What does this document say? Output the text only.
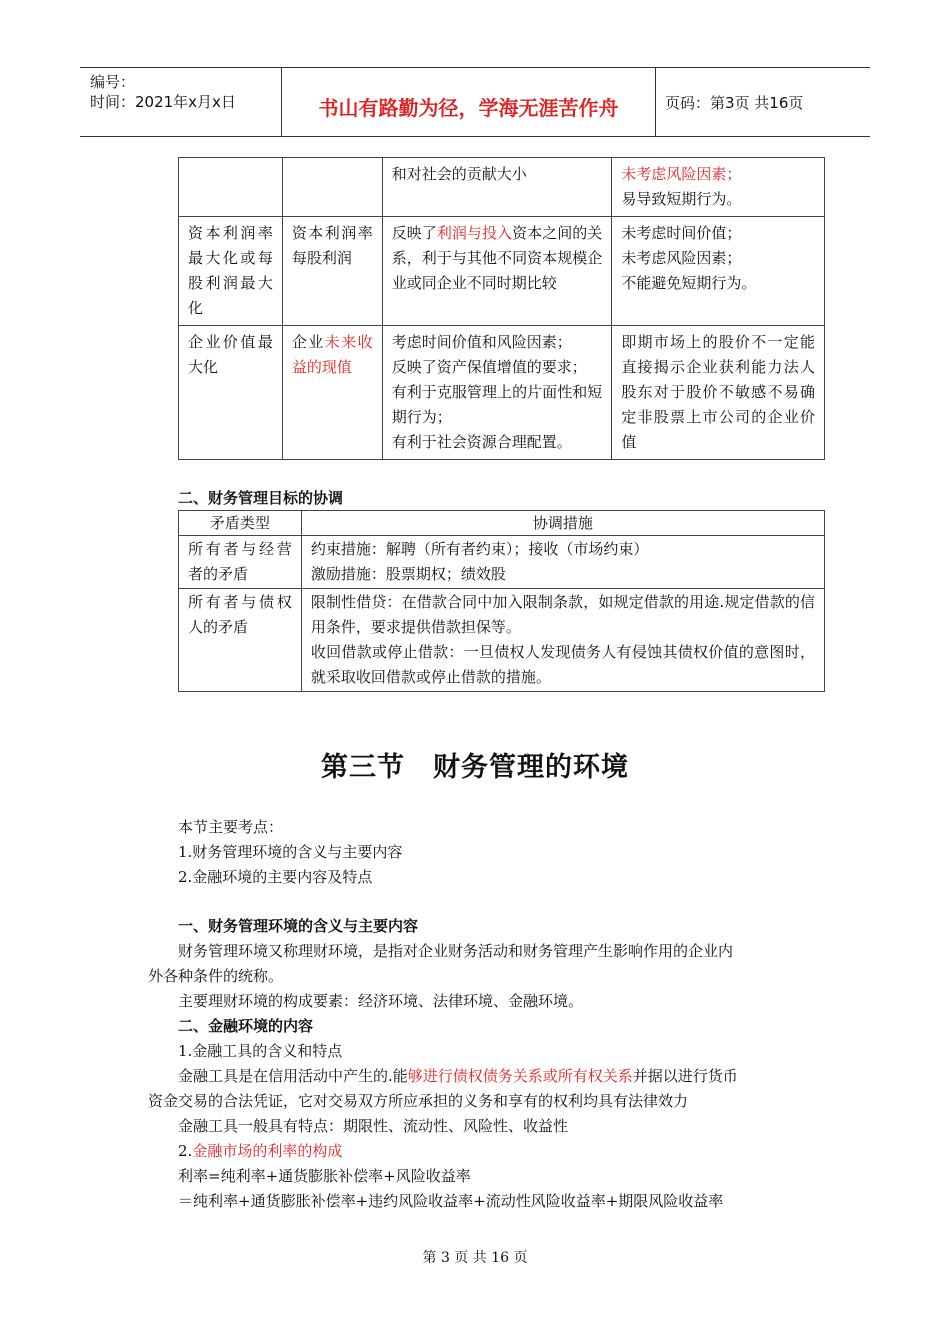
编号：
时间：2021年x月x日	书山有路勤为径，学海无涯苦作舟	页码：第3页 共16页
		和对社会的贡献大小	未考虑风险因素；
易导致短期行为。

资本利润率最大化或每股利润最大化	资本利润率每股利润	反映了利润与投入资本之间的关系，利于与其他不同资本规模企业或同企业不同时期比较	未考虑时间价值；
未考虑风险因素；
不能避免短期行为。

企业价值最大化	企业未来收益的现值	考虑时间价值和风险因素；
反映了资产保值增值的要求；
有利于克服管理上的片面性和短期行为；
有利于社会资源合理配置。	即期市场上的股价不一定能直接揭示企业获利能力法人股东对于股价不敏感不易确定非股票上市公司的企业价值
二、财务管理目标的协调
矛盾类型	协调措施
所有者与经营者的矛盾	约束措施：解聘（所有者约束）；接收（市场约束）
激励措施：股票期权；绩效股

所有者与债权人的矛盾	限制性借贷：在借款合同中加入限制条款，如规定借款的用途.规定借款的信用条件，要求提供借款担保等。
收回借款或停止借款：一旦债权人发现债务人有侵蚀其债权价值的意图时，就采取收回借款或停止借款的措施。
第三节　财务管理的环境
本节主要考点：
1.财务管理环境的含义与主要内容
2.金融环境的主要内容及特点
一、财务管理环境的含义与主要内容
财务管理环境又称理财环境，是指对企业财务活动和财务管理产生影响作用的企业内
外各种条件的统称。
主要理财环境的构成要素：经济环境、法律环境、金融环境。
二、金融环境的内容
1.金融工具的含义和特点
金融工具是在信用活动中产生的.能够进行债权债务关系或所有权关系并据以进行货币
资金交易的合法凭证，它对交易双方所应承担的义务和享有的权利均具有法律效力
金融工具一般具有特点：期限性、流动性、风险性、收益性
2.金融市场的利率的构成
利率=纯利率+通货膨胀补偿率+风险收益率
＝纯利率+通货膨胀补偿率+违约风险收益率+流动性风险收益率+期限风险收益率
第 3 页 共 16 页
